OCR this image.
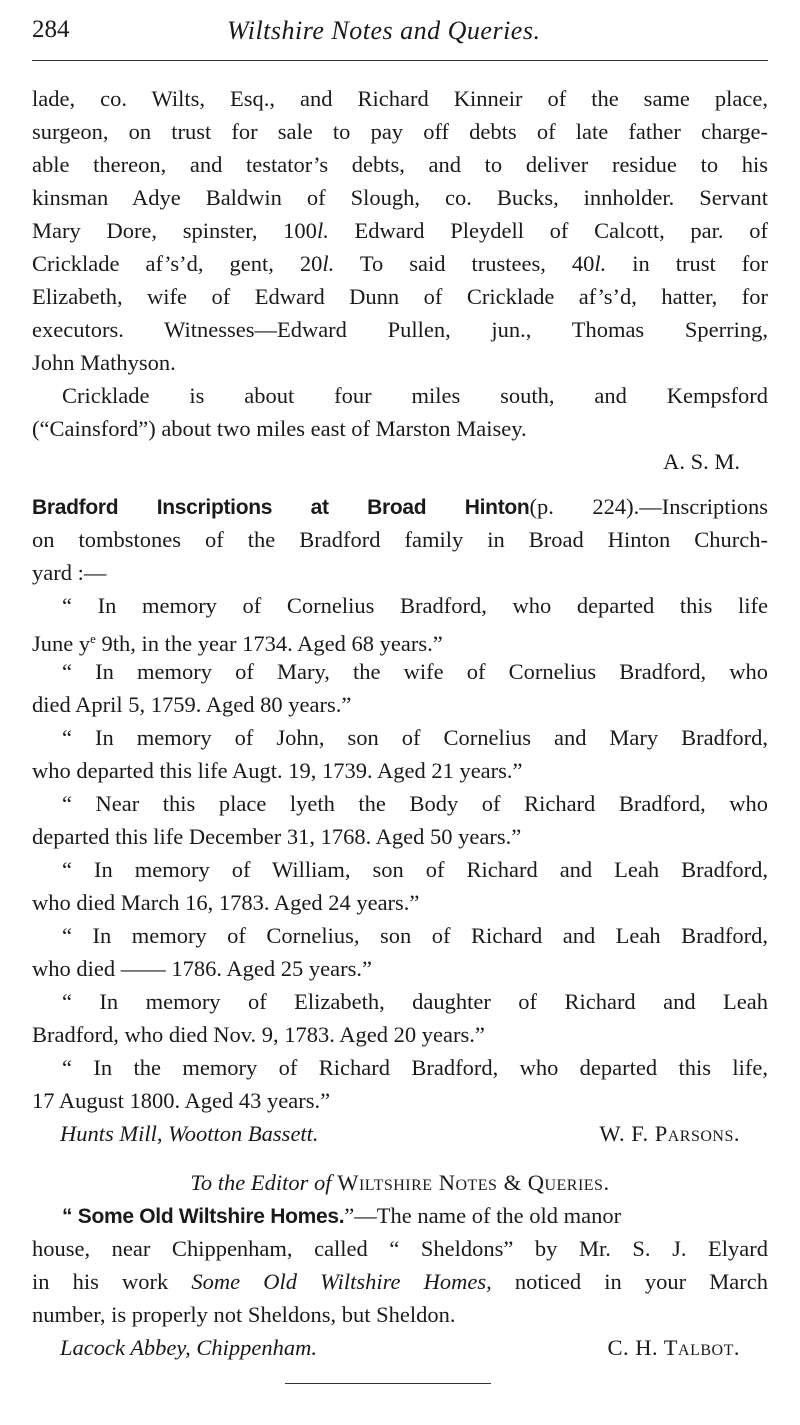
284	Wiltshire Notes and Queries.
lade, co. Wilts, Esq., and Richard Kinneir of the same place,
surgeon, on trust for sale to pay off debts of late father charge-
able thereon, and testator’s debts, and to deliver residue to his
kinsman Adye Baldwin of Slough, co. Bucks, innholder. Servant
Mary Dore, spinster, 100l. Edward Pleydell of Calcott, par. of
Cricklade af’s’d, gent, 20l. To said trustees, 40l. in trust for
Elizabeth, wife of Edward Dunn of Cricklade af’s’d, hatter, for
executors. Witnesses—Edward Pullen, jun., Thomas Sperring,
John Mathyson.
Cricklade is about four miles south, and Kempsford
(“Cainsford”) about two miles east of Marston Maisey.
A. S. M.
Bradford Inscriptions at Broad Hinton(p. 224).—Inscriptions
on tombstones of the Bradford family in Broad Hinton Church-
yard :—
“ In memory of Cornelius Bradford, who departed this life
June $y^e$ 9th, in the year 1734. Aged 68 years.”
“ In memory of Mary, the wife of Cornelius Bradford, who
died April 5, 1759. Aged 80 years.”
“ In memory of John, son of Cornelius and Mary Bradford,
who departed this life Augt. 19, 1739. Aged 21 years.”
“ Near this place lyeth the Body of Richard Bradford, who
departed this life December 31, 1768. Aged 50 years.”
“ In memory of William, son of Richard and Leah Bradford,
who died March 16, 1783. Aged 24 years.”
“ In memory of Cornelius, son of Richard and Leah Bradford,
who died —— 1786. Aged 25 years.”
“ In memory of Elizabeth, daughter of Richard and Leah
Bradford, who died Nov. 9, 1783. Aged 20 years.”
“ In the memory of Richard Bradford, who departed this life,
17 August 1800. Aged 43 years.”
Hunts Mill, Wootton Bassett.	W. F. Parsons.
To the Editor of Wiltshire Notes & Queries.
“ Some Old Wiltshire Homes.”—The name of the old manor
house, near Chippenham, called “ Sheldons” by Mr. S. J. Elyard
in his work Some Old Wiltshire Homes, noticed in your March
number, is properly not Sheldons, but Sheldon.
Lacock Abbey, Chippenham.	C. H. Talbot.
